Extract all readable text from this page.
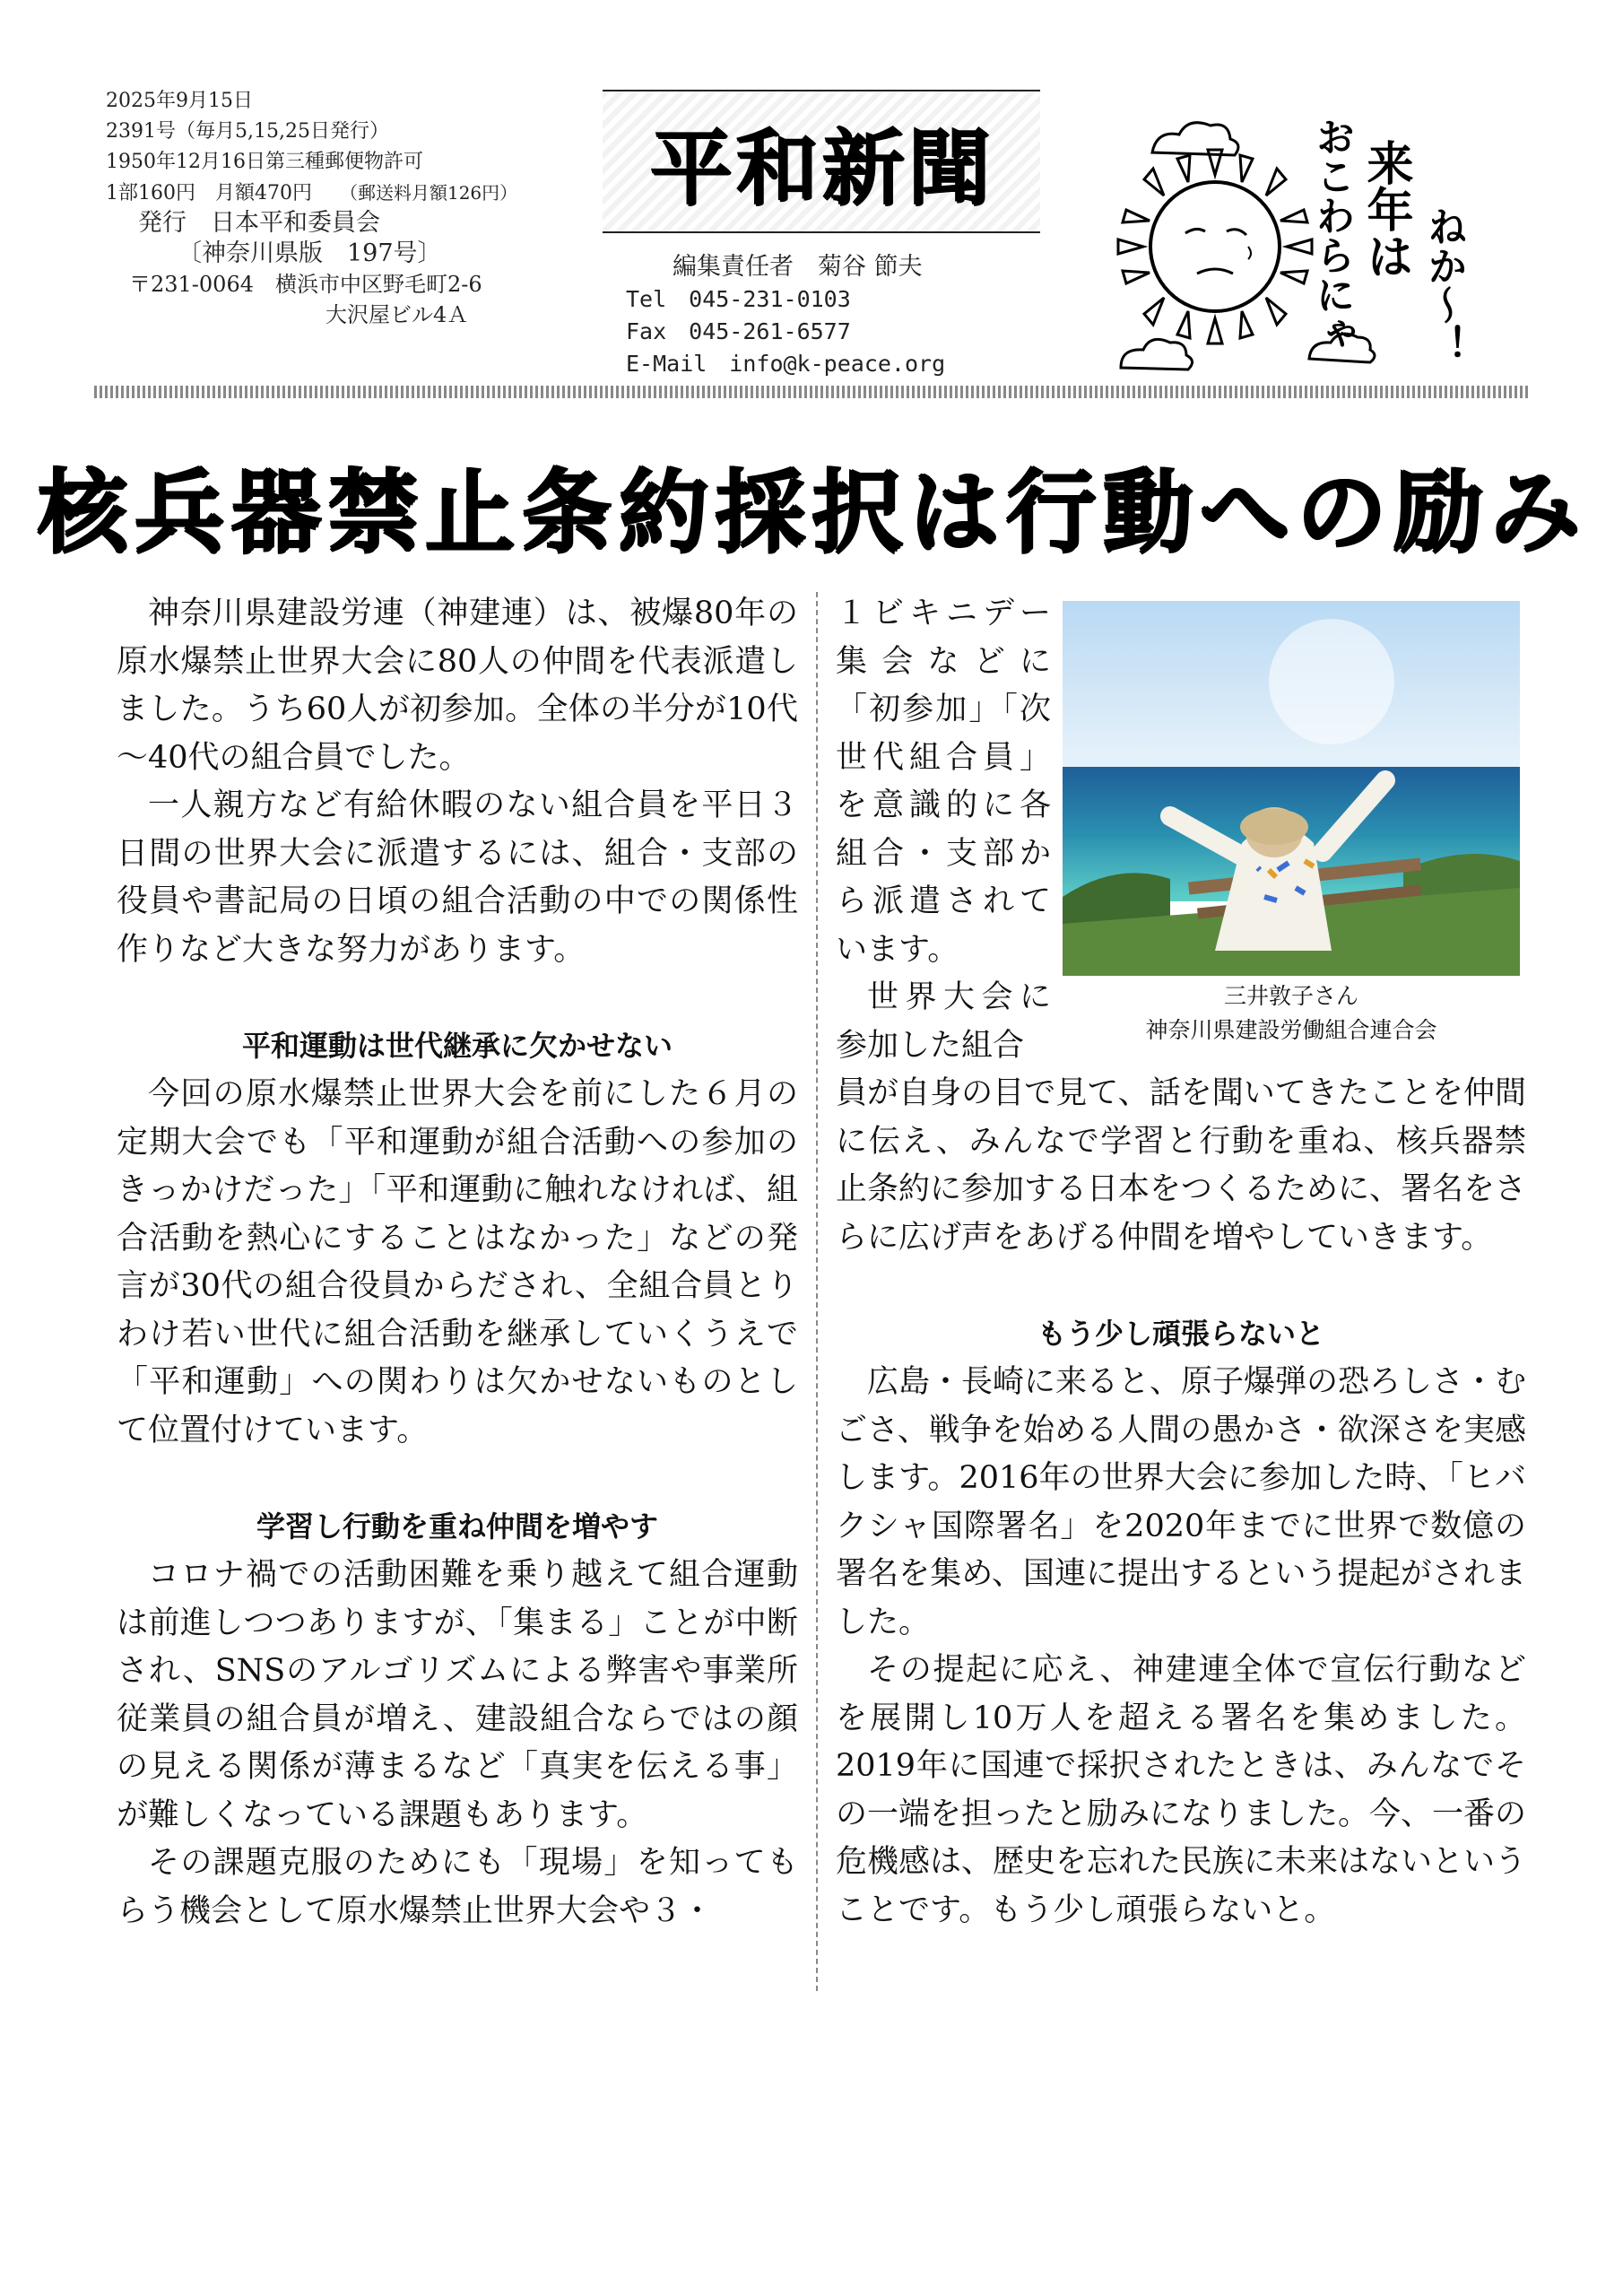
2025年9月15日
2391号（毎月5,15,25日発行）
1950年12月16日第三種郵便物許可
1部160円　月額470円 （郵送料月額126円）
発行　日本平和委員会
〔神奈川県版　197号〕
〒231-0064　横浜市中区野毛町2-6
大沢屋ビル4Ａ
平和新聞
編集責任者　菊谷 節夫
Tel　045-231-0103
Fax　045-261-6577
E-Mail　info@k-peace.org
来年は
おこわらにゃ ねか～！
核兵器禁止条約採択は行動への励み

神奈川県建設労連（神建連）は、被爆80年の原水爆禁止世界大会に80人の仲間を代表派遣しました。うち60人が初参加。全体の半分が10代～40代の組合員でした。

一人親方など有給休暇のない組合員を平日３日間の世界大会に派遣するには、組合・支部の役員や書記局の日頃の組合活動の中での関係性作りなど大きな努力があります。

平和運動は世代継承に欠かせない

今回の原水爆禁止世界大会を前にした６月の定期大会でも「平和運動が組合活動への参加のきっかけだった」「平和運動に触れなければ、組合活動を熱心にすることはなかった」などの発言が30代の組合役員からだされ、全組合員とりわけ若い世代に組合活動を継承していくうえで「平和運動」への関わりは欠かせないものとして位置付けています。

学習し行動を重ね仲間を増やす

コロナ禍での活動困難を乗り越えて組合運動は前進しつつありますが、「集まる」ことが中断され、SNSのアルゴリズムによる弊害や事業所従業員の組合員が増え、建設組合ならではの顔の見える関係が薄まるなど「真実を伝える事」が難しくなっている課題もあります。

その課題克服のためにも「現場」を知ってもらう機会として原水爆禁止世界大会や３・

１ビキニデー集会などに「初参加」「次世代組合員」を意識的に各組合・支部から派遣されています。

世界大会に参加した組合

三井敦子さん
神奈川県建設労働組合連合会

員が自身の目で見て、話を聞いてきたことを仲間に伝え、みんなで学習と行動を重ね、核兵器禁止条約に参加する日本をつくるために、署名をさらに広げ声をあげる仲間を増やしていきます。

もう少し頑張らないと

広島・長崎に来ると、原子爆弾の恐ろしさ・むごさ、戦争を始める人間の愚かさ・欲深さを実感します。2016年の世界大会に参加した時、「ヒバクシャ国際署名」を2020年までに世界で数億の署名を集め、国連に提出するという提起がされました。

その提起に応え、神建連全体で宣伝行動などを展開し10万人を超える署名を集めました。2019年に国連で採択されたときは、みんなでその一端を担ったと励みになりました。今、一番の危機感は、歴史を忘れた民族に未来はないということです。もう少し頑張らないと。
